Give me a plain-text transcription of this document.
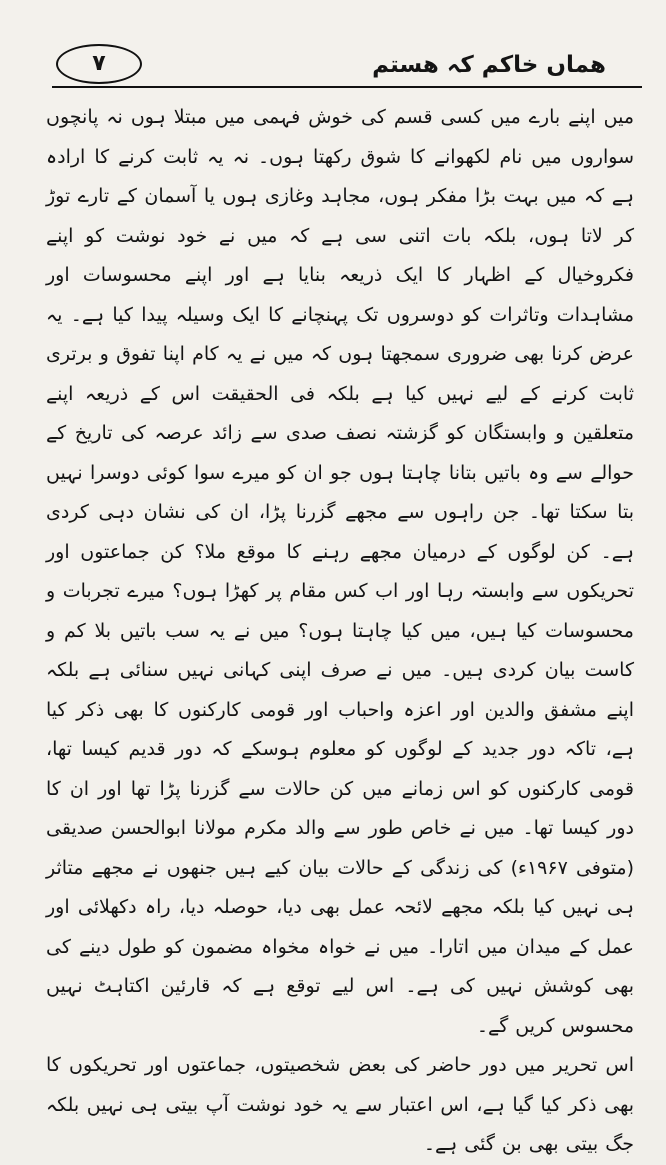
۷	ھماں خاکم کہ ھستم

میں اپنے بارے میں کسی قسم کی خوش فہمی میں مبتلا ہوں نہ پانچوں سواروں میں نام لکھوانے کا شوق رکھتا ہوں۔ نہ یہ ثابت کرنے کا ارادہ ہے کہ میں بہت بڑا مفکر ہوں، مجاہد وغازی ہوں یا آسمان کے تارے توڑ کر لاتا ہوں، بلکہ بات اتنی سی ہے کہ میں نے خود نوشت کو اپنے فکروخیال کے اظہار کا ایک ذریعہ بنایا ہے اور اپنے محسوسات اور مشاہدات وتاثرات کو دوسروں تک پہنچانے کا ایک وسیلہ پیدا کیا ہے۔ یہ عرض کرنا بھی ضروری سمجھتا ہوں کہ میں نے یہ کام اپنا تفوق و برتری ثابت کرنے کے لیے نہیں کیا ہے بلکہ فی الحقیقت اس کے ذریعہ اپنے متعلقین و وابستگان کو گزشتہ نصف صدی سے زائد عرصہ کی تاریخ کے حوالے سے وہ باتیں بتانا چاہتا ہوں جو ان کو میرے سوا کوئی دوسرا نہیں بتا سکتا تھا۔ جن راہوں سے مجھے گزرنا پڑا، ان کی نشان دہی کردی ہے۔ کن لوگوں کے درمیان مجھے رہنے کا موقع ملا؟ کن جماعتوں اور تحریکوں سے وابستہ رہا اور اب کس مقام پر کھڑا ہوں؟ میرے تجربات و محسوسات کیا ہیں، میں کیا چاہتا ہوں؟ میں نے یہ سب باتیں بلا کم و کاست بیان کردی ہیں۔ میں نے صرف اپنی کہانی نہیں سنائی ہے بلکہ اپنے مشفق والدین اور اعزہ واحباب اور قومی کارکنوں کا بھی ذکر کیا ہے، تاکہ دور جدید کے لوگوں کو معلوم ہوسکے کہ دور قدیم کیسا تھا، قومی کارکنوں کو اس زمانے میں کن حالات سے گزرنا پڑا تھا اور ان کا دور کیسا تھا۔ میں نے خاص طور سے والد مکرم مولانا ابوالحسن صدیقی (متوفی ۱۹۶۷ء) کی زندگی کے حالات بیان کیے ہیں جنھوں نے مجھے متاثر ہی نہیں کیا بلکہ مجھے لائحہ عمل بھی دیا، حوصلہ دیا، راہ دکھلائی اور عمل کے میدان میں اتارا۔ میں نے خواہ مخواہ مضمون کو طول دینے کی بھی کوشش نہیں کی ہے۔ اس لیے توقع ہے کہ قارئین اکتاہٹ نہیں محسوس کریں گے۔

اس تحریر میں دور حاضر کی بعض شخصیتوں، جماعتوں اور تحریکوں کا بھی ذکر کیا گیا ہے، اس اعتبار سے یہ خود نوشت آپ بیتی ہی نہیں بلکہ جگ بیتی بھی بن گئی ہے۔
